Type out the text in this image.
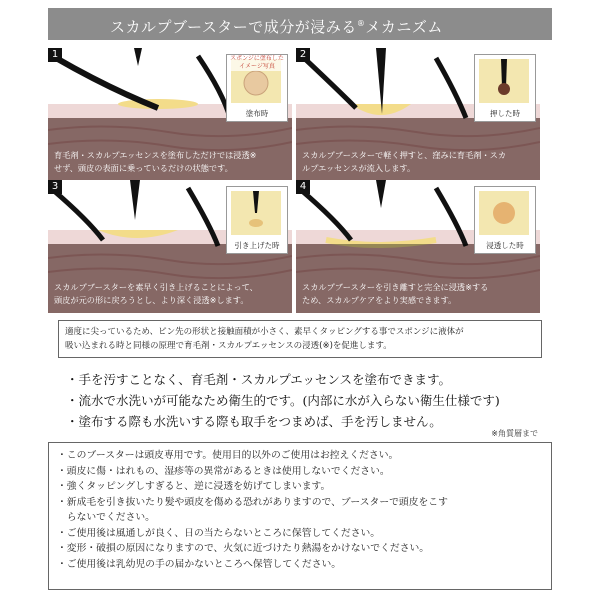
スカルプブースターで成分が浸みる®メカニズム
1	スポンジに塗布した
イメージ写真
塗布時
育毛剤・スカルプエッセンスを塗布しただけでは浸透※
せず、頭皮の表面に乗っているだけの状態です。
2
押した時
スカルプブースターで軽く押すと、窪みに育毛剤・スカ
ルプエッセンスが流入します。
3
引き上げた時
スカルプブースターを素早く引き上げることによって、
頭皮が元の形に戻ろうとし、より深く浸透※します。
4
浸透した時
スカルプブースターを引き離すと完全に浸透※する
ため、スカルプケアをより実感できます。
適度に尖っているため、ピン先の形状と接触面積が小さく、素早くタッピングする事でスポンジに液体が
吸い込まれる時と同様の原理で育毛剤・スカルプエッセンスの浸透(※)を促進します。
・手を汚すことなく、育毛剤・スカルプエッセンスを塗布できます。
・流水で水洗いが可能なため衛生的です。(内部に水が入らない衛生仕様です)
・塗布する際も水洗いする際も取手をつまめば、手を汚しません。
※角質層まで
・このブースターは頭皮専用です。使用目的以外のご使用はお控えください。
・頭皮に傷・はれもの、湿疹等の異常があるときは使用しないでください。
・強くタッピングしすぎると、逆に浸透を妨げてしまいます。
・新成毛を引き抜いたり髪や頭皮を傷める恐れがありますので、ブースターで頭皮をこす
　らないでください。
・ご使用後は風通しが良く、日の当たらないところに保管してください。
・変形・破損の原因になりますので、火気に近づけたり熱湯をかけないでください。
・ご使用後は乳幼児の手の届かないところへ保管してください。
